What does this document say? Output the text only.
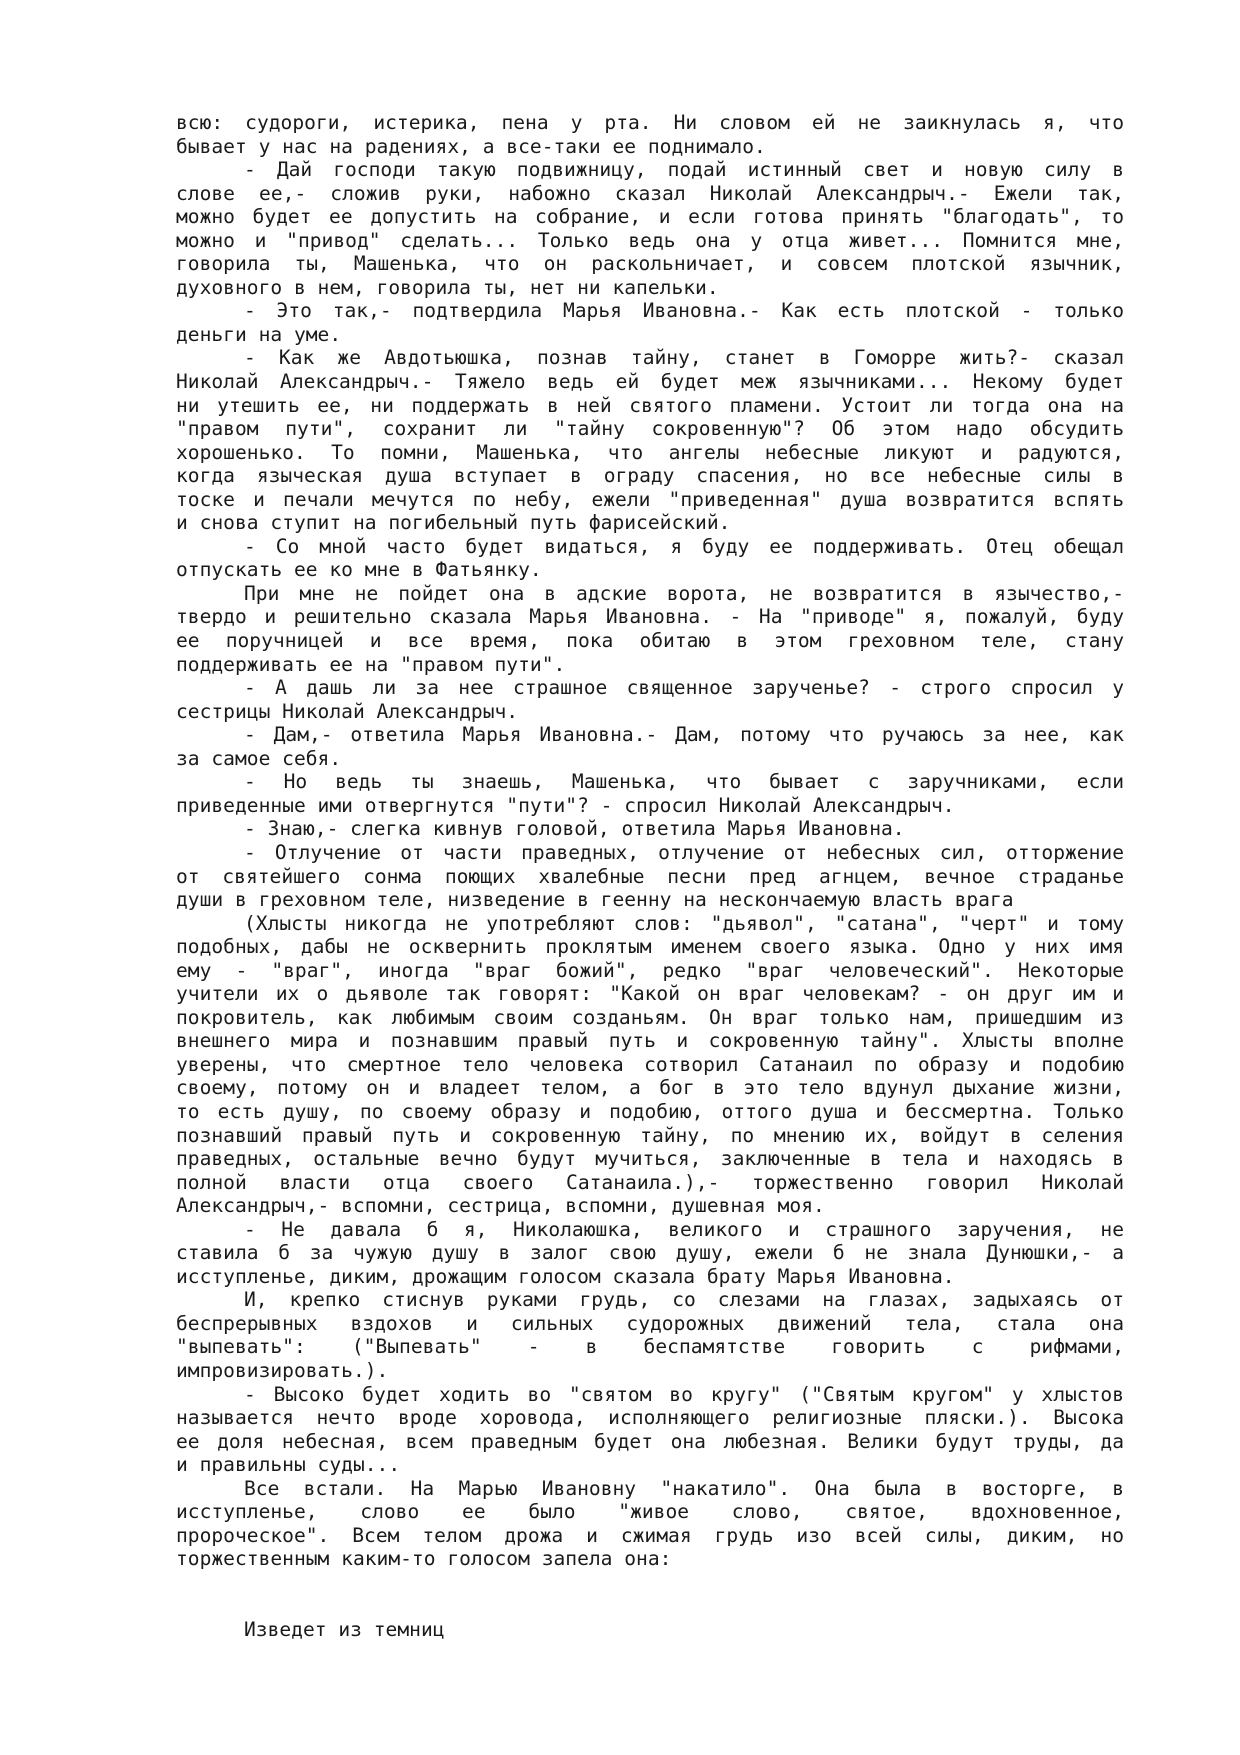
всю: судороги, истерика, пена у рта. Ни словом ей не заикнулась я, что
бывает у нас на радениях, а все-таки ее поднимало.
- Дай господи такую подвижницу, подай истинный свет и новую силу в
слове ее,- сложив руки, набожно сказал Николай Александрыч.- Ежели так,
можно будет ее допустить на собрание, и если готова принять "благодать", то
можно и "привод" сделать... Только ведь она у отца живет... Помнится мне,
говорила ты, Машенька, что он раскольничает, и совсем плотской язычник,
духовного в нем, говорила ты, нет ни капельки.
- Это так,- подтвердила Марья Ивановна.- Как есть плотской - только
деньги на уме.
- Как же Авдотьюшка, познав тайну, станет в Гоморре жить?- сказал
Николай Александрыч.- Тяжело ведь ей будет меж язычниками... Некому будет
ни утешить ее, ни поддержать в ней святого пламени. Устоит ли тогда она на
"правом пути", сохранит ли "тайну сокровенную"? Об этом надо обсудить
хорошенько. То помни, Машенька, что ангелы небесные ликуют и радуются,
когда языческая душа вступает в ограду спасения, но все небесные силы в
тоске и печали мечутся по небу, ежели "приведенная" душа возвратится вспять
и снова ступит на погибельный путь фарисейский.
- Со мной часто будет видаться, я буду ее поддерживать. Отец обещал
отпускать ее ко мне в Фатьянку.
При мне не пойдет она в адские ворота, не возвратится в язычество,-
твердо и решительно сказала Марья Ивановна. - На "приводе" я, пожалуй, буду
ее поручницей и все время, пока обитаю в этом греховном теле, стану
поддерживать ее на "правом пути".
- А дашь ли за нее страшное священное зарученье? - строго спросил у
сестрицы Николай Александрыч.
- Дам,- ответила Марья Ивановна.- Дам, потому что ручаюсь за нее, как
за самое себя.
- Но ведь ты знаешь, Машенька, что бывает с заручниками, если
приведенные ими отвергнутся "пути"? - спросил Николай Александрыч.
- Знаю,- слегка кивнув головой, ответила Марья Ивановна.
- Отлучение от части праведных, отлучение от небесных сил, отторжение
от святейшего сонма поющих хвалебные песни пред агнцем, вечное страданье
души в греховном теле, низведение в геенну на нескончаемую власть врага
(Хлысты никогда не употребляют слов: "дьявол", "сатана", "черт" и тому
подобных, дабы не осквернить проклятым именем своего языка. Одно у них имя
ему - "враг", иногда "враг божий", редко "враг человеческий". Некоторые
учители их о дьяволе так говорят: "Какой он враг человекам? - он друг им и
покровитель, как любимым своим созданьям. Он враг только нам, пришедшим из
внешнего мира и познавшим правый путь и сокровенную тайну". Хлысты вполне
уверены, что смертное тело человека сотворил Сатанаил по образу и подобию
своему, потому он и владеет телом, а бог в это тело вдунул дыхание жизни,
то есть душу, по своему образу и подобию, оттого душа и бессмертна. Только
познавший правый путь и сокровенную тайну, по мнению их, войдут в селения
праведных, остальные вечно будут мучиться, заключенные в тела и находясь в
полной власти отца своего Сатанаила.),- торжественно говорил Николай
Александрыч,- вспомни, сестрица, вспомни, душевная моя.
- Не давала б я, Николаюшка, великого и страшного заручения, не
ставила б за чужую душу в залог свою душу, ежели б не знала Дунюшки,- а
исступленье, диким, дрожащим голосом сказала брату Марья Ивановна.
И, крепко стиснув руками грудь, со слезами на глазах, задыхаясь от
беспрерывных вздохов и сильных судорожных движений тела, стала она
"выпевать": ("Выпевать" - в беспамятстве говорить с рифмами,
импровизировать.).
- Высоко будет ходить во "святом во кругу" ("Святым кругом" у хлыстов
называется нечто вроде хоровода, исполняющего религиозные пляски.). Высока
ее доля небесная, всем праведным будет она любезная. Велики будут труды, да
и правильны суды...
Все встали. На Марью Ивановну "накатило". Она была в восторге, в
исступленье, слово ее было "живое слово, святое, вдохновенное,
пророческое". Всем телом дрожа и сжимая грудь изо всей силы, диким, но
торжественным каким-то голосом запела она:
Изведет из темниц
